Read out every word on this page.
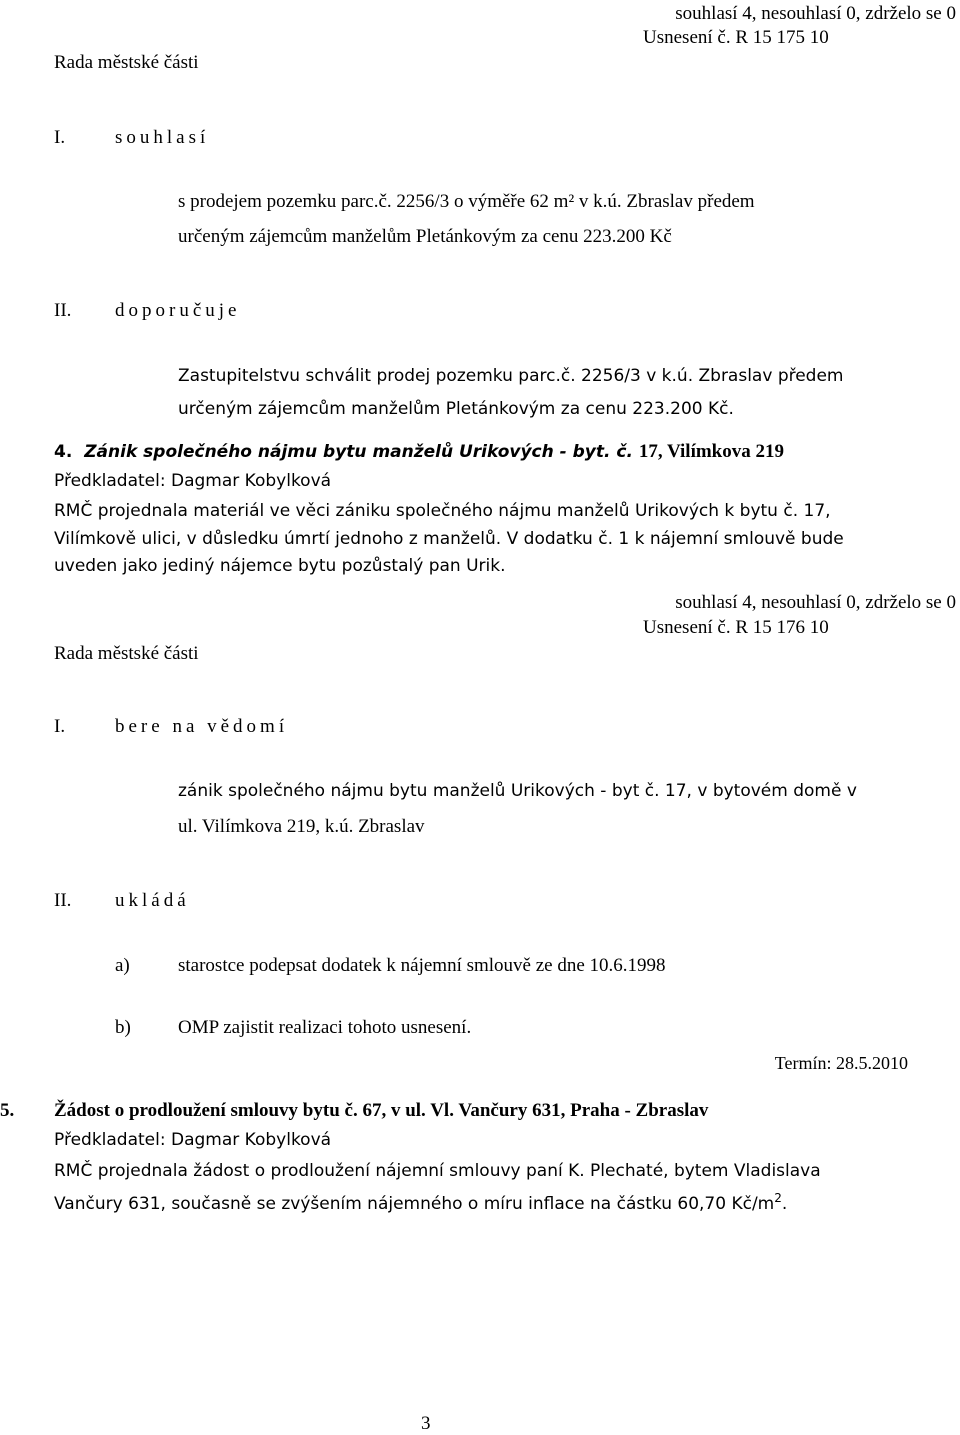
souhlasí 4, nesouhlasí 0, zdrželo se 0
Usnesení č. R 15 175 10
Rada městské části
I.	souhlasí
s prodejem pozemku parc.č. 2256/3 o výměře 62 m² v k.ú. Zbraslav předem
určeným zájemcům manželům Pletánkovým za cenu 223.200 Kč
II. doporučuje
Zastupitelstvu schválit prodej pozemku parc.č. 2256/3 v k.ú. Zbraslav předem
určeným zájemcům manželům Pletánkovým za cenu 223.200 Kč.
4. Zánik společného nájmu bytu manželů Urikových - byt. č. 17, Vilímkova 219
Předkladatel: Dagmar Kobylková
RMČ projednala materiál ve věci zániku společného nájmu manželů Urikových k bytu č. 17,
Vilímkově ulici, v důsledku úmrtí jednoho z manželů. V dodatku č. 1 k nájemní smlouvě bude
uveden jako jediný nájemce bytu pozůstalý pan Urik.
souhlasí 4, nesouhlasí 0, zdrželo se 0
Usnesení č. R 15 176 10
Rada městské části
I.	bere na vědomí
zánik společného nájmu bytu manželů Urikových - byt č. 17, v bytovém domě v
ul. Vilímkova 219, k.ú. Zbraslav
II. ukládá
a)	starostce podepsat dodatek k nájemní smlouvě ze dne 10.6.1998
b) OMP zajistit realizaci tohoto usnesení.
Termín: 28.5.2010
5. Žádost o prodloužení smlouvy bytu č. 67, v ul. Vl. Vančury 631, Praha - Zbraslav
Předkladatel: Dagmar Kobylková
RMČ projednala žádost o prodloužení nájemní smlouvy paní K. Plechaté, bytem Vladislava
Vančury 631, současně se zvýšením nájemného o míru inflace na částku 60,70 $Kč/m^2$.
3
